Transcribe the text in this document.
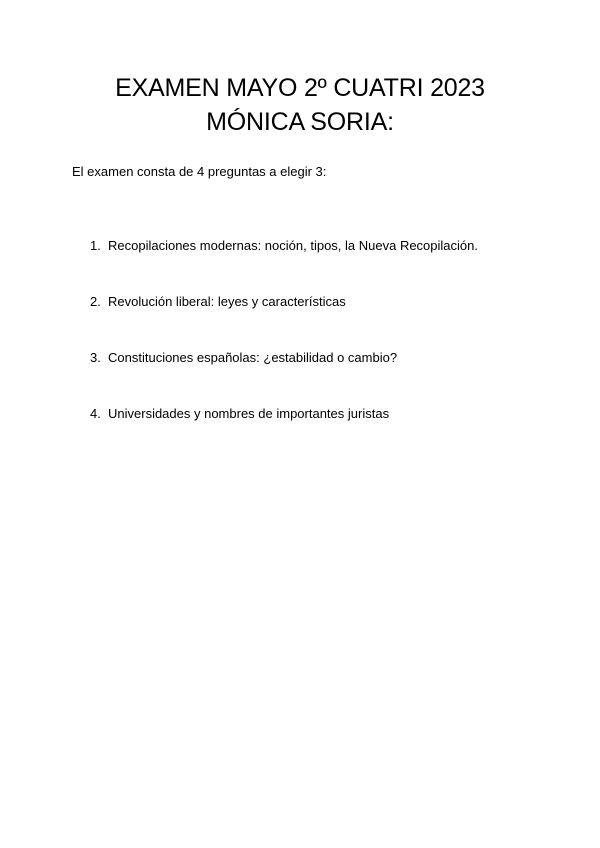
EXAMEN MAYO 2º CUATRI 2023
MÓNICA SORIA:

El examen consta de 4 preguntas a elegir 3:

1. Recopilaciones modernas: noción, tipos, la Nueva Recopilación.
2. Revolución liberal: leyes y características
3. Constituciones españolas: ¿estabilidad o cambio?
4. Universidades y nombres de importantes juristas
